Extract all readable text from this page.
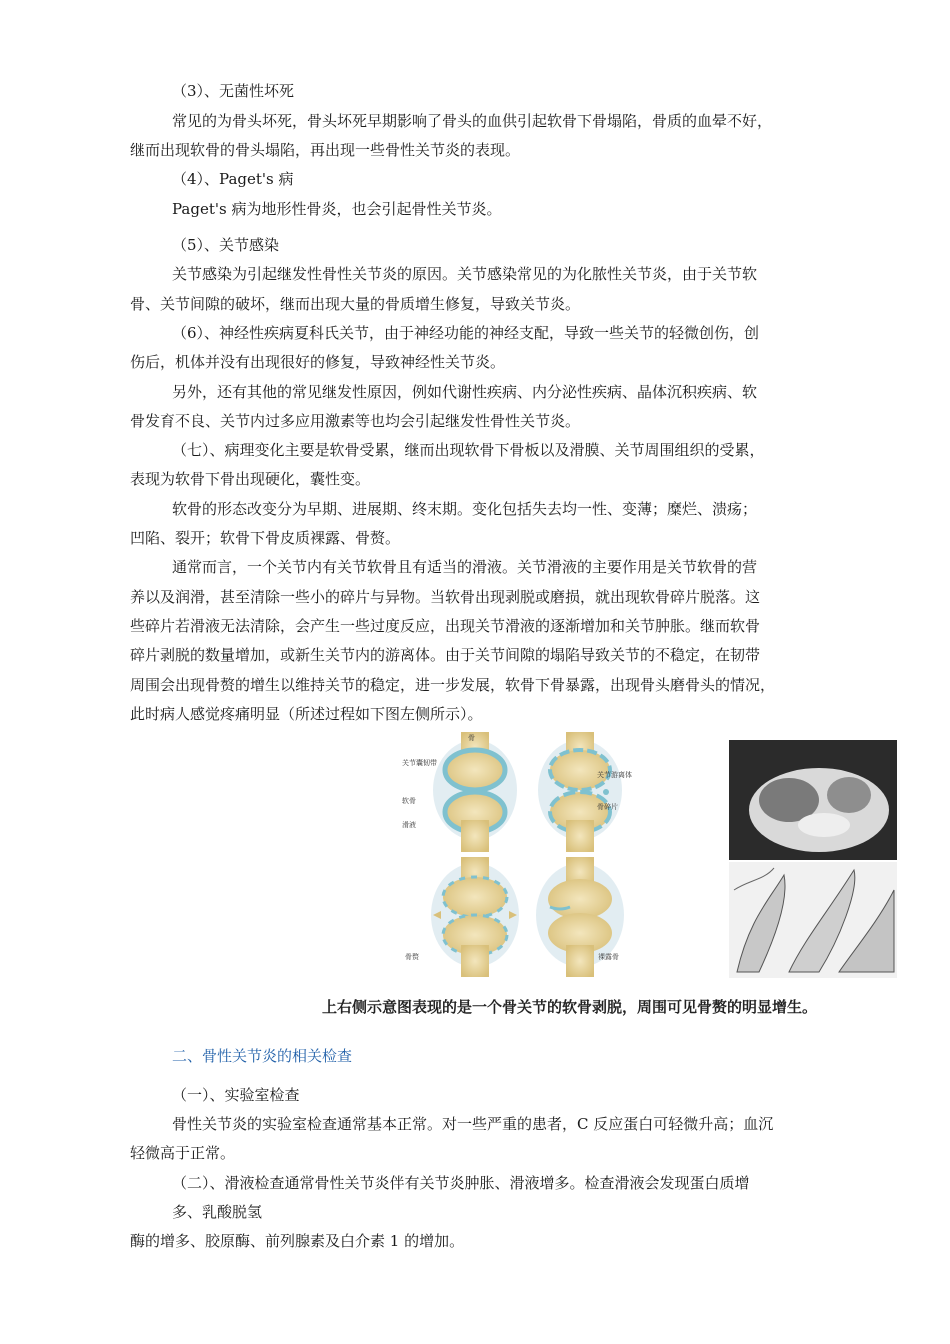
（3）、无菌性坏死
常见的为骨头坏死，骨头坏死早期影响了骨头的血供引起软骨下骨塌陷，骨质的血晕不好，
继而出现软骨的骨头塌陷，再出现一些骨性关节炎的表现。
（4）、Paget's 病
Paget's 病为地形性骨炎，也会引起骨性关节炎。
（5）、关节感染
关节感染为引起继发性骨性关节炎的原因。关节感染常见的为化脓性关节炎，由于关节软
骨、关节间隙的破坏，继而出现大量的骨质增生修复，导致关节炎。
（6）、神经性疾病夏科氏关节，由于神经功能的神经支配，导致一些关节的轻微创伤，创
伤后，机体并没有出现很好的修复，导致神经性关节炎。
另外，还有其他的常见继发性原因，例如代谢性疾病、内分泌性疾病、晶体沉积疾病、软
骨发育不良、关节内过多应用激素等也均会引起继发性骨性关节炎。
（七）、病理变化主要是软骨受累，继而出现软骨下骨板以及滑膜、关节周围组织的受累，
表现为软骨下骨出现硬化，囊性变。
软骨的形态改变分为早期、进展期、终末期。变化包括失去均一性、变薄；糜烂、溃疡；
凹陷、裂开；软骨下骨皮质裸露、骨赘。
通常而言，一个关节内有关节软骨且有适当的滑液。关节滑液的主要作用是关节软骨的营
养以及润滑，甚至清除一些小的碎片与异物。当软骨出现剥脱或磨损，就出现软骨碎片脱落。这
些碎片若滑液无法清除，会产生一些过度反应，出现关节滑液的逐渐增加和关节肿胀。继而软骨
碎片剥脱的数量增加，或新生关节内的游离体。由于关节间隙的塌陷导致关节的不稳定，在韧带
周围会出现骨赘的增生以维持关节的稳定，进一步发展，软骨下骨暴露，出现骨头磨骨头的情况，
此时病人感觉疼痛明显（所述过程如下图左侧所示）。
骨
关节囊韧带
软骨
滑液
关节游离体
骨碎片
骨赘	裸露骨
上右侧示意图表现的是一个骨关节的软骨剥脱，周围可见骨赘的明显增生。
二、骨性关节炎的相关检查
（一）、实验室检查
骨性关节炎的实验室检查通常基本正常。对一些严重的患者，C 反应蛋白可轻微升高；血沉
轻微高于正常。
（二）、滑液检查通常骨性关节炎伴有关节炎肿胀、滑液增多。检查滑液会发现蛋白质增
多、乳酸脱氢
酶的增多、胶原酶、前列腺素及白介素 1 的增加。
